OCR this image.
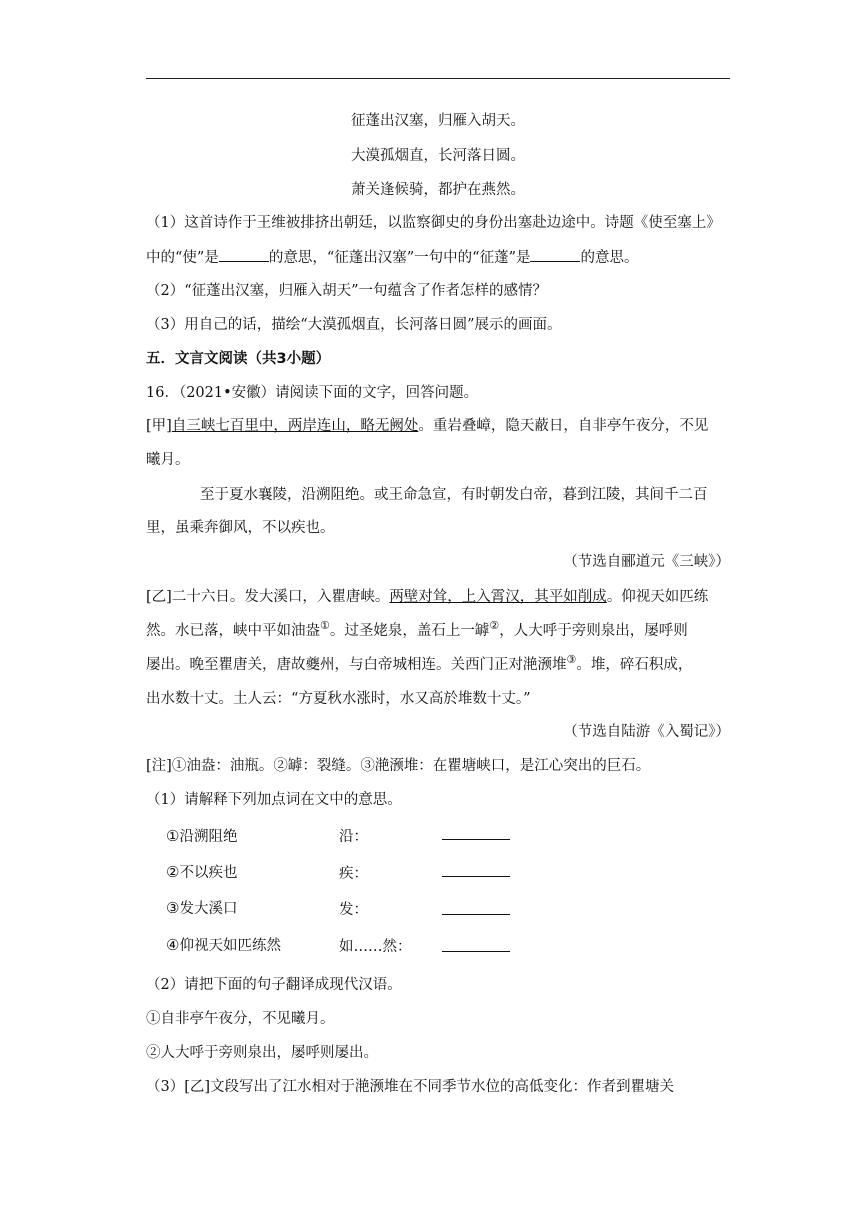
征蓬出汉塞，归雁入胡天。
大漠孤烟直，长河落日圆。
萧关逢候骑，都护在燕然。
（1）这首诗作于王维被排挤出朝廷，以监察御史的身份出塞赴边途中。诗题《使至塞上》
中的“使”是	的意思，“征蓬出汉塞”一句中的“征蓬”是	的意思。
（2）“征蓬出汉塞，归雁入胡天”一句蕴含了作者怎样的感情？
（3）用自己的话，描绘“大漠孤烟直，长河落日圆”展示的画面。
五．文言文阅读（共3小题）
16．（2021•安徽）请阅读下面的文字，回答问题。
[甲]自三峡七百里中，两岸连山，略无阙处。重岩叠嶂，隐天蔽日，自非亭午夜分，不见
曦月。
至于夏水襄陵，沿溯阻绝。或王命急宣，有时朝发白帝，暮到江陵，其间千二百
里，虽乘奔御风，不以疾也。
（节选自郦道元《三峡》）
[乙]二十六日。发大溪口，入瞿唐峡。两壁对耸，上入霄汉，其平如削成。仰视天如匹练
然。水已落，峡中平如油盎①。过圣姥泉，盖石上一罅②，人大呼于旁则泉出，屡呼则
屡出。晚至瞿唐关，唐故夔州，与白帝城相连。关西门正对滟滪堆③。堆，碎石积成，
出水数十丈。土人云：“方夏秋水涨时，水又高於堆数十丈。”
（节选自陆游《入蜀记》）
[注]①油盎：油瓶。②罅：裂缝。③滟滪堆：在瞿塘峡口，是江心突出的巨石。
（1）请解释下列加点词在文中的意思。
①沿溯阻绝	沿：
②不以疾也	疾：
③发大溪口	发：
④仰视天如匹练然	如……然：
（2）请把下面的句子翻译成现代汉语。
①自非亭午夜分，不见曦月。
②人大呼于旁则泉出，屡呼则屡出。
（3）[乙]文段写出了江水相对于滟滪堆在不同季节水位的高低变化：作者到瞿塘关
